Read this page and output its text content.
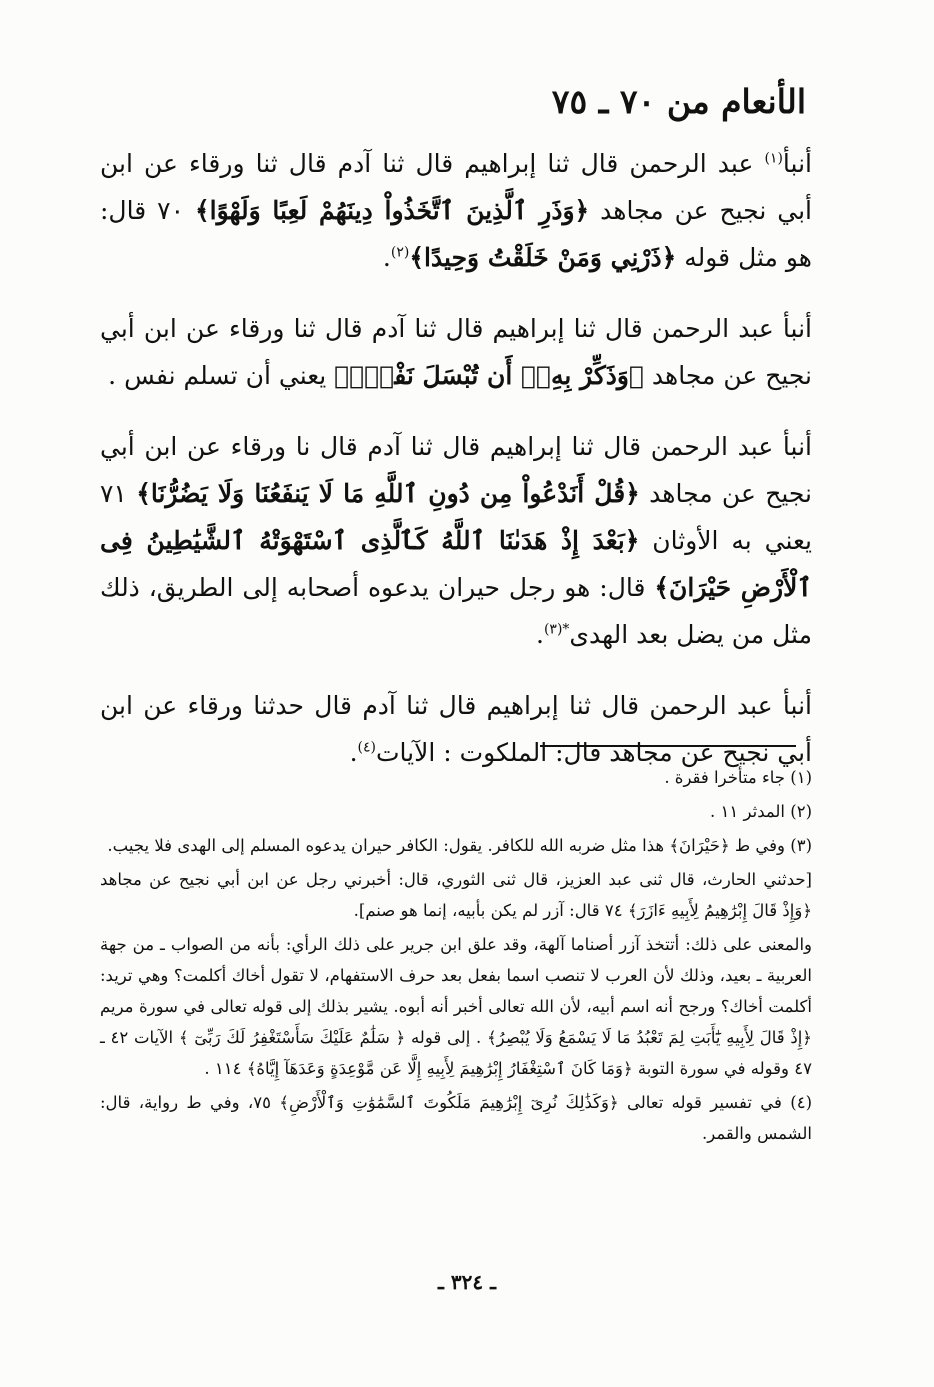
الأنعام من ٧٠ ـ ٧٥

أنبأ$^{(١)}$ عبد الرحمن قال ثنا إبراهيم قال ثنا آدم قال ثنا ورقاء عن ابن أبي نجيح عن مجاهد ﴿وَذَرِ ٱلَّذِينَ ٱتَّخَذُواْ دِينَهُمْ لَعِبًا وَلَهْوًا﴾ ٧٠ قال: هو مثل قوله ﴿ذَرْنِي وَمَنْ خَلَقْتُ وَحِيدًا﴾$^{(٢)}$.

أنبأ عبد الرحمن قال ثنا إبراهيم قال ثنا آدم قال ثنا ورقاء عن ابن أبي نجيح عن مجاهد ﴿وَذَكِّرْ بِهِۦٓ أَن تُبْسَلَ نَفْسٌۢ﴾ يعني أن تسلم نفس .

أنبأ عبد الرحمن قال ثنا إبراهيم قال ثنا آدم قال نا ورقاء عن ابن أبي نجيح عن مجاهد ﴿قُلْ أَنَدْعُواْ مِن دُونِ ٱللَّهِ مَا لَا يَنفَعُنَا وَلَا يَضُرُّنَا﴾ ٧١ يعني به الأوثان ﴿بَعْدَ إِذْ هَدَىٰنَا ٱللَّهُ كَٱلَّذِى ٱسْتَهْوَتْهُ ٱلشَّيَٰطِينُ فِى ٱلْأَرْضِ حَيْرَانَ﴾ قال: هو رجل حيران يدعوه أصحابه إلى الطريق، ذلك مثل من يضل بعد الهدى$^{*(٣)}$.

أنبأ عبد الرحمن قال ثنا إبراهيم قال ثنا آدم قال حدثنا ورقاء عن ابن أبي نجيح عن مجاهد قال: الملكوت : الآيات$^{(٤)}$.

(١) جاء متأخرا فقرة .

(٢) المدثر ١١ .

(٣) وفي ط ﴿حَيْرَانَ﴾ هذا مثل ضربه الله للكافر. يقول: الكافر حيران يدعوه المسلم إلى الهدى فلا يجيب.

[حدثني الحارث، قال ثنى عبد العزيز، قال ثنى الثوري، قال: أخبرني رجل عن ابن أبي نجيح عن مجاهد ﴿وَإِذْ قَالَ إِبْرَٰهِيمُ لِأَبِيهِ ءَازَرَ﴾ ٧٤ قال: آزر لم يكن بأبيه، إنما هو صنم].

والمعنى على ذلك: أتتخذ آزر أصناما آلهة، وقد علق ابن جرير على ذلك الرأي: بأنه من الصواب ـ من جهة العربية ـ بعيد، وذلك لأن العرب لا تنصب اسما بفعل بعد حرف الاستفهام، لا تقول أخاك أكلمت؟ وهي تريد: أكلمت أخاك؟ ورجح أنه اسم أبيه، لأن الله تعالى أخبر أنه أبوه. يشير بذلك إلى قوله تعالى في سورة مريم ﴿إِذْ قَالَ لِأَبِيهِ يَٰٓأَبَتِ لِمَ تَعْبُدُ مَا لَا يَسْمَعُ وَلَا يُبْصِرُ﴾ . إلى قوله ﴿ سَلَٰمٌ عَلَيْكَ سَأَسْتَغْفِرُ لَكَ رَبِّىٓ ﴾ الآيات ٤٢ ـ ٤٧ وقوله في سورة التوبة ﴿وَمَا كَانَ ٱسْتِغْفَارُ إِبْرَٰهِيمَ لِأَبِيهِ إِلَّا عَن مَّوْعِدَةٍ وَعَدَهَآ إِيَّاهُ﴾ ١١٤ .

(٤) في تفسير قوله تعالى ﴿وَكَذَٰلِكَ نُرِىٓ إِبْرَٰهِيمَ مَلَكُوتَ ٱلسَّمَٰوَٰتِ وَٱلْأَرْضِ﴾ ٧٥، وفي ط رواية، قال: الشمس والقمر.

ـ ٣٢٤ ـ
